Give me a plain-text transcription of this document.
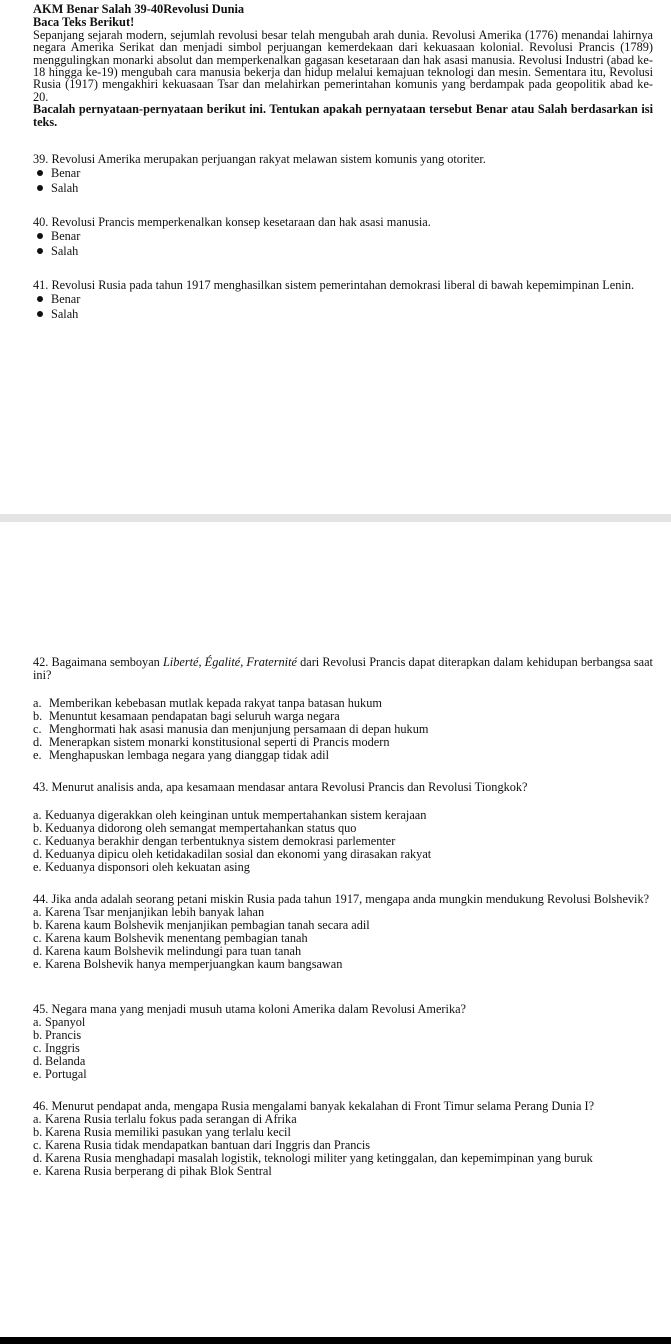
AKM Benar Salah 39-40Revolusi Dunia

Baca Teks Berikut!

Sepanjang sejarah modern, sejumlah revolusi besar telah mengubah arah dunia. Revolusi Amerika (1776) menandai lahirnya negara Amerika Serikat dan menjadi simbol perjuangan kemerdekaan dari kekuasaan kolonial. Revolusi Prancis (1789) menggulingkan monarki absolut dan memperkenalkan gagasan kesetaraan dan hak asasi manusia. Revolusi Industri (abad ke-18 hingga ke-19) mengubah cara manusia bekerja dan hidup melalui kemajuan teknologi dan mesin. Sementara itu, Revolusi Rusia (1917) mengakhiri kekuasaan Tsar dan melahirkan pemerintahan komunis yang berdampak pada geopolitik abad ke-20.

Bacalah pernyataan-pernyataan berikut ini. Tentukan apakah pernyataan tersebut Benar atau Salah berdasarkan isi teks.

39. Revolusi Amerika merupakan perjuangan rakyat melawan sistem komunis yang otoriter.

Benar
Salah

40. Revolusi Prancis memperkenalkan konsep kesetaraan dan hak asasi manusia.

Benar
Salah

41. Revolusi Rusia pada tahun 1917 menghasilkan sistem pemerintahan demokrasi liberal di bawah kepemimpinan Lenin.

Benar
Salah

42. Bagaimana semboyan Liberté, Égalité, Fraternité dari Revolusi Prancis dapat diterapkan dalam kehidupan berbangsa saat ini?

a. Memberikan kebebasan mutlak kepada rakyat tanpa batasan hukum
b. Menuntut kesamaan pendapatan bagi seluruh warga negara
c. Menghormati hak asasi manusia dan menjunjung persamaan di depan hukum
d. Menerapkan sistem monarki konstitusional seperti di Prancis modern
e. Menghapuskan lembaga negara yang dianggap tidak adil

43. Menurut analisis anda, apa kesamaan mendasar antara Revolusi Prancis dan Revolusi Tiongkok?

a. Keduanya digerakkan oleh keinginan untuk mempertahankan sistem kerajaan
b. Keduanya didorong oleh semangat mempertahankan status quo
c. Keduanya berakhir dengan terbentuknya sistem demokrasi parlementer
d. Keduanya dipicu oleh ketidakadilan sosial dan ekonomi yang dirasakan rakyat
e. Keduanya disponsori oleh kekuatan asing

44. Jika anda adalah seorang petani miskin Rusia pada tahun 1917, mengapa anda mungkin mendukung Revolusi Bolshevik?

a. Karena Tsar menjanjikan lebih banyak lahan
b. Karena kaum Bolshevik menjanjikan pembagian tanah secara adil
c. Karena kaum Bolshevik menentang pembagian tanah
d. Karena kaum Bolshevik melindungi para tuan tanah
e. Karena Bolshevik hanya memperjuangkan kaum bangsawan

45. Negara mana yang menjadi musuh utama koloni Amerika dalam Revolusi Amerika?

a. Spanyol
b. Prancis
c. Inggris
d. Belanda
e. Portugal

46. Menurut pendapat anda, mengapa Rusia mengalami banyak kekalahan di Front Timur selama Perang Dunia I?

a. Karena Rusia terlalu fokus pada serangan di Afrika
b. Karena Rusia memiliki pasukan yang terlalu kecil
c. Karena Rusia tidak mendapatkan bantuan dari Inggris dan Prancis
d. Karena Rusia menghadapi masalah logistik, teknologi militer yang ketinggalan, dan kepemimpinan yang buruk
e. Karena Rusia berperang di pihak Blok Sentral
